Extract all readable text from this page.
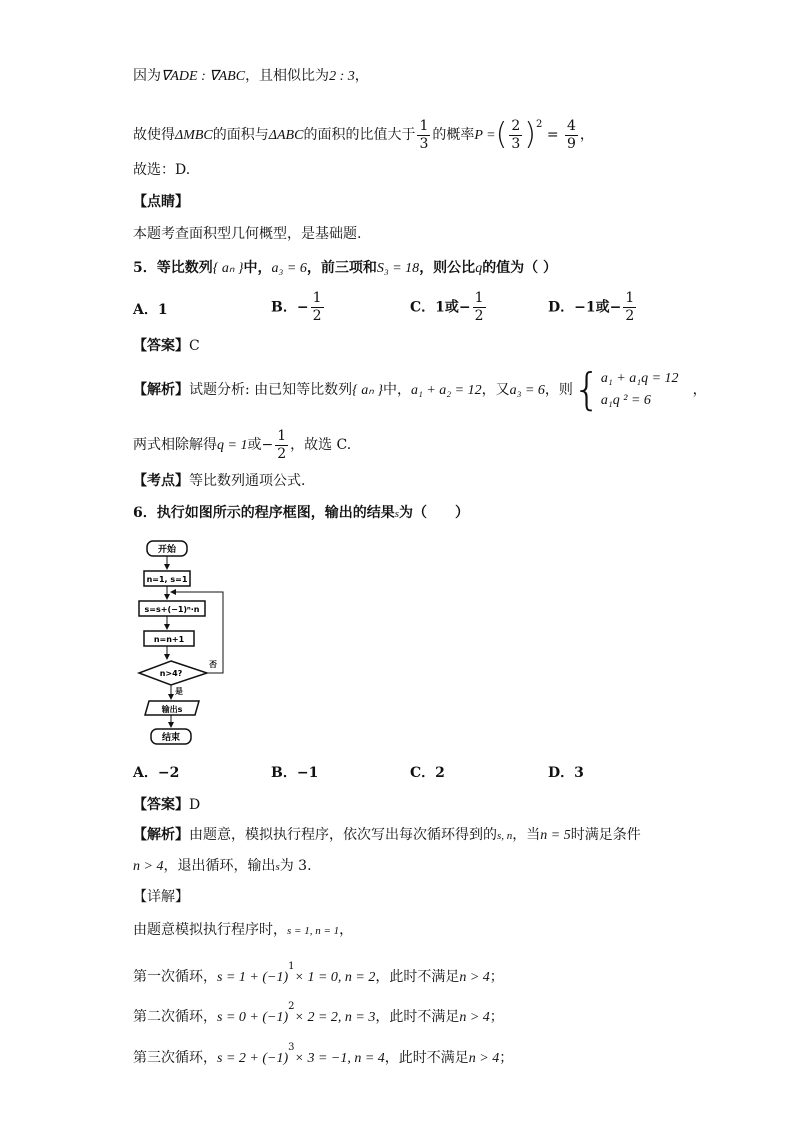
因为∇ADE : ∇ABC，且相似比为2 : 3，
故使得ΔMBC的面积与ΔABC的面积的比值大于 $\frac{1}{3}$ 的概率P =( $\frac{2}{3} )^2 = \frac{4}{9}$ ，
故选：D.
【点睛】
本题考查面积型几何概型，是基础题.
5．等比数列{ aₙ }中，a₃ = 6，前三项和S₃ = 18，则公比q的值为（ ）
A．1	B．− $\frac{1}{2}$	C．1或− $\frac{1}{2}$	D．−1或− $\frac{1}{2}$
【答案】C
【解析】试题分析: 由已知等比数列{ aₙ }中，a₁ + a₂ = 12，又a₃ = 6，则{ a₁ + a₁q = 12
a₁q ² = 6
，
两式相除解得q = 1或− $\frac{1}{2}$ ，故选 C.
【考点】等比数列通项公式.
6．执行如图所示的程序框图，输出的结果s为（　　）
开始
n=1, s=1
s=s+(−1)ⁿ·n
n=n+1
n>4?
否
是
输出s
结束
A．−2	B．−1	C．2	D．3
【答案】D
【解析】由题意，模拟执行程序，依次写出每次循环得到的s, n，当n = 5时满足条件
n > 4，退出循环，输出s为 3.
【详解】
由题意模拟执行程序时，s = 1, n = 1，
第一次循环，$s = 1 + (-1)^1\times 1 = 0$, n = 2，此时不满足n > 4；
第二次循环，$s = 0 + (-1)^2\times 2 = 2$, n = 3，此时不满足n > 4；
第三次循环，$s = 2 + (-1)^3\times 3 = -1$, n = 4，此时不满足n > 4；
